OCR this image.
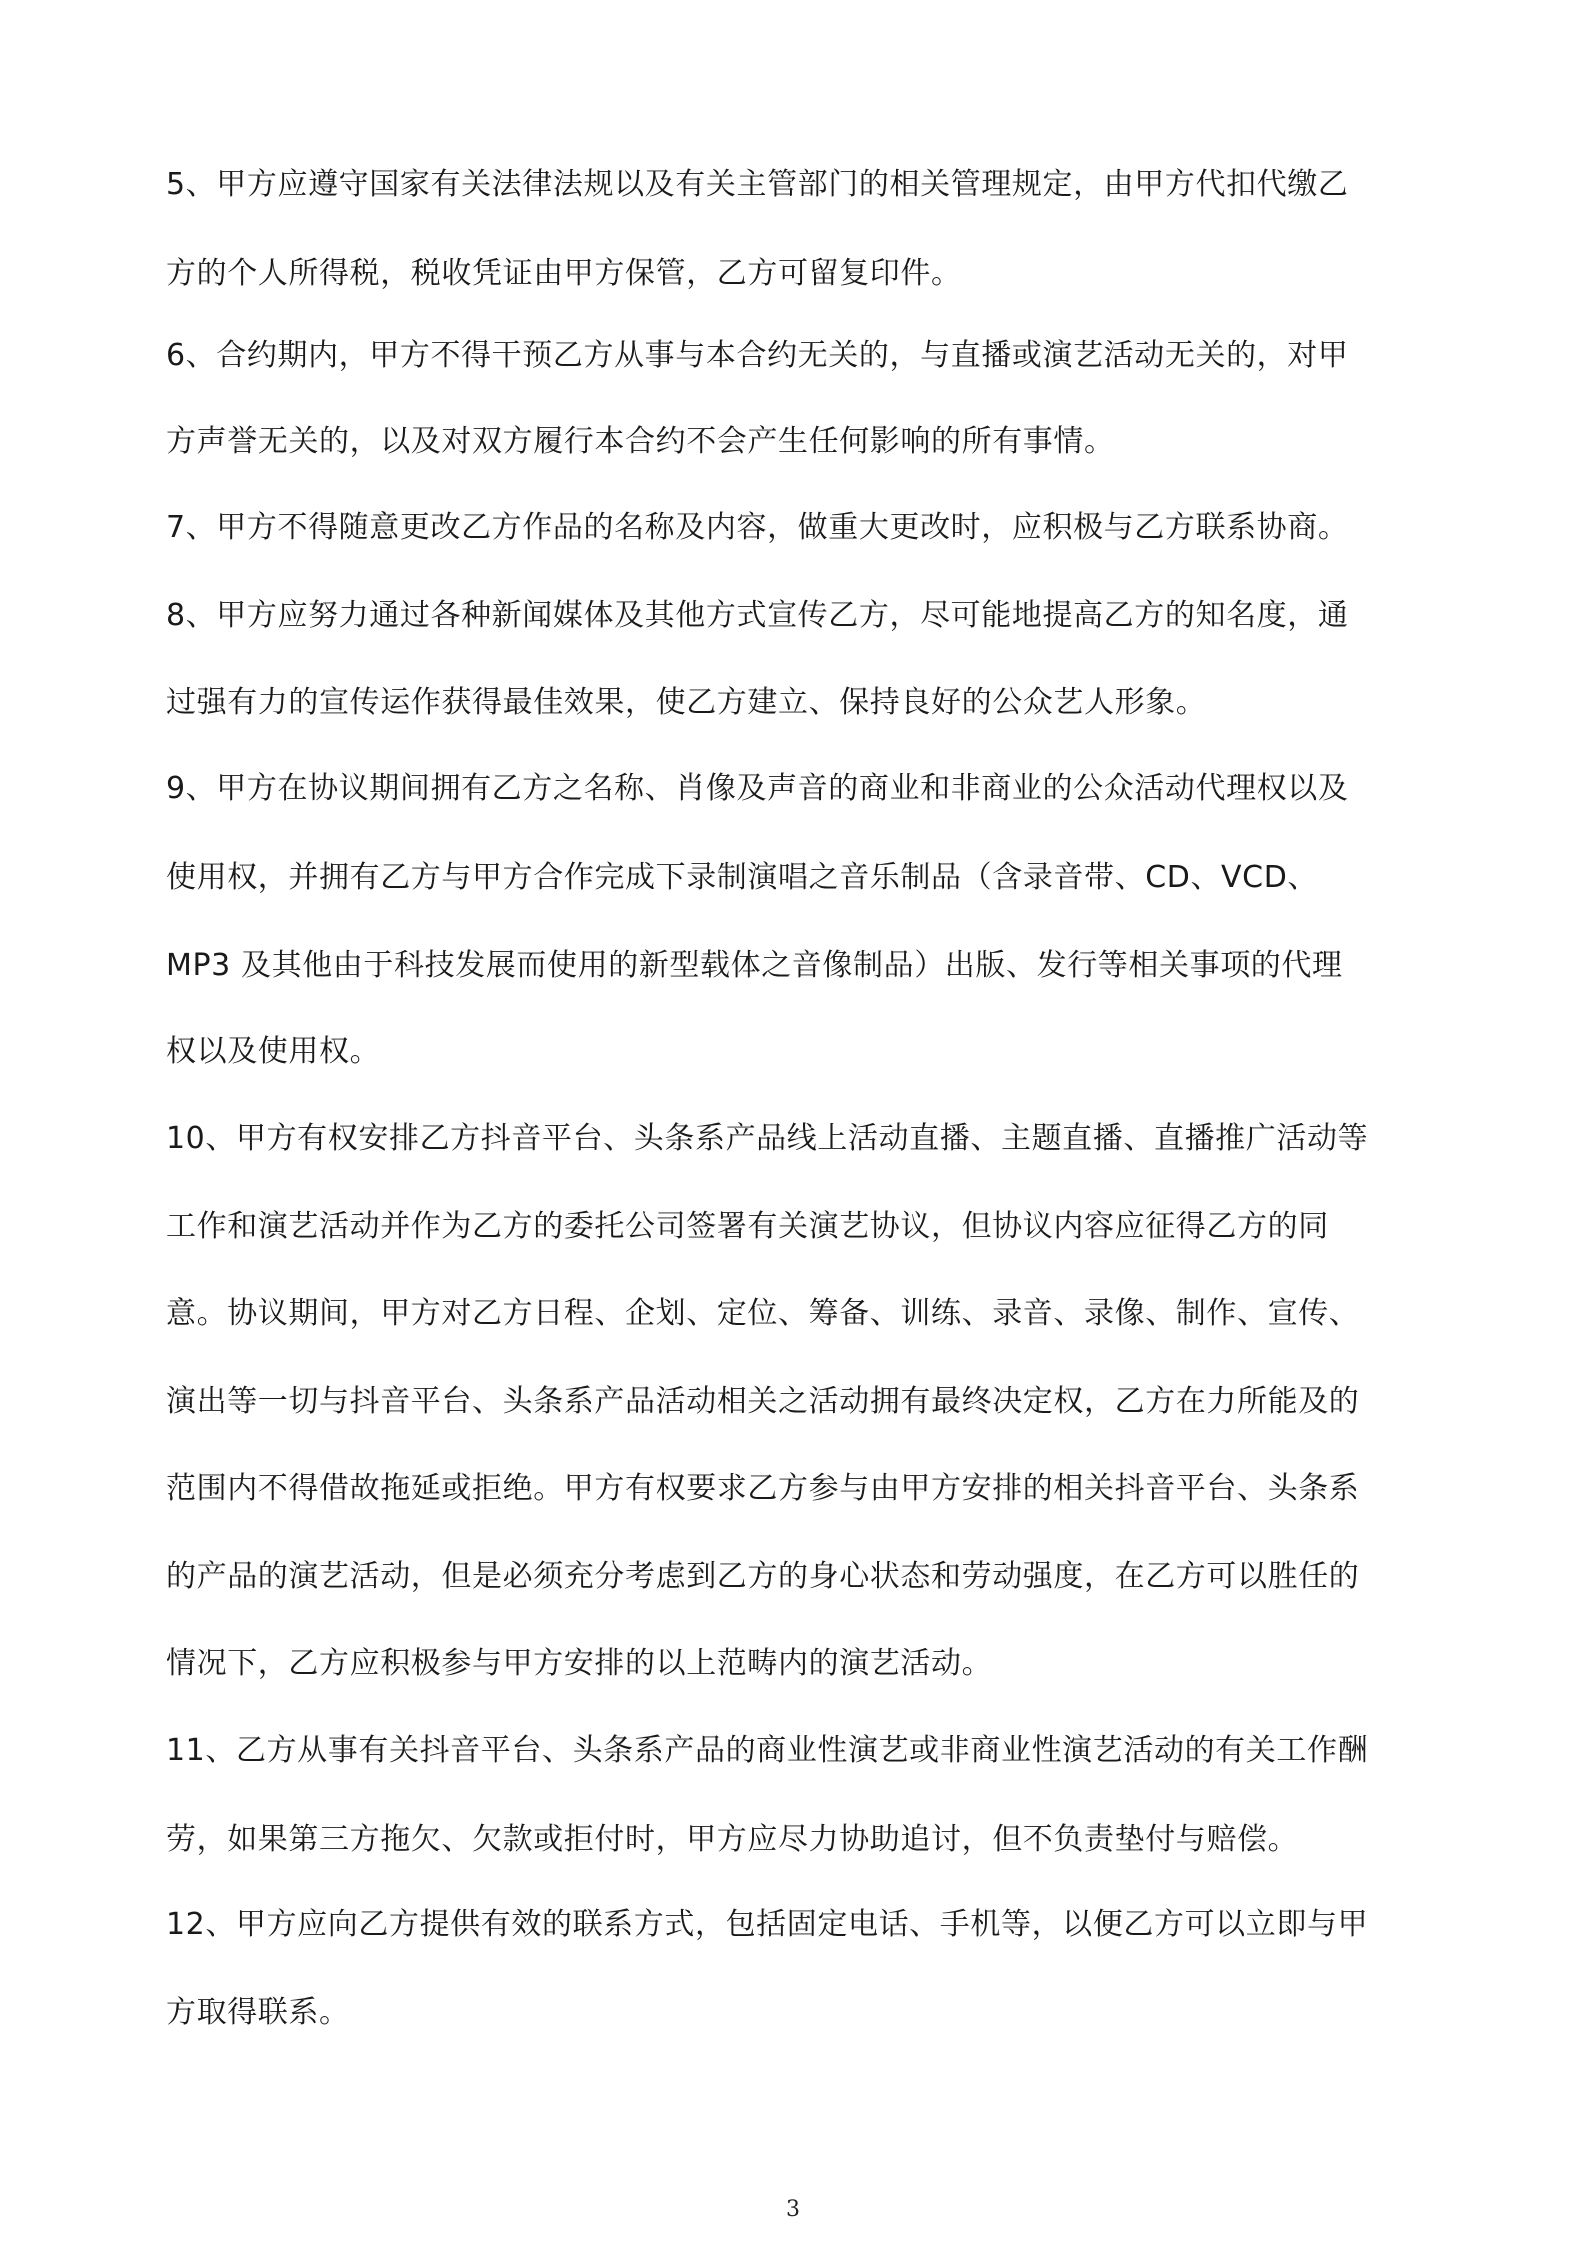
5、甲方应遵守国家有关法律法规以及有关主管部门的相关管理规定，由甲方代扣代缴乙
方的个人所得税，税收凭证由甲方保管，乙方可留复印件。
6、合约期内，甲方不得干预乙方从事与本合约无关的，与直播或演艺活动无关的，对甲
方声誉无关的，以及对双方履行本合约不会产生任何影响的所有事情。
7、甲方不得随意更改乙方作品的名称及内容，做重大更改时，应积极与乙方联系协商。
8、甲方应努力通过各种新闻媒体及其他方式宣传乙方，尽可能地提高乙方的知名度，通
过强有力的宣传运作获得最佳效果，使乙方建立、保持良好的公众艺人形象。
9、甲方在协议期间拥有乙方之名称、肖像及声音的商业和非商业的公众活动代理权以及
使用权，并拥有乙方与甲方合作完成下录制演唱之音乐制品（含录音带、CD、VCD、
MP3 及其他由于科技发展而使用的新型载体之音像制品）出版、发行等相关事项的代理
权以及使用权。
10、甲方有权安排乙方抖音平台、头条系产品线上活动直播、主题直播、直播推广活动等
工作和演艺活动并作为乙方的委托公司签署有关演艺协议，但协议内容应征得乙方的同
意。协议期间，甲方对乙方日程、企划、定位、筹备、训练、录音、录像、制作、宣传、
演出等一切与抖音平台、头条系产品活动相关之活动拥有最终决定权，乙方在力所能及的
范围内不得借故拖延或拒绝。甲方有权要求乙方参与由甲方安排的相关抖音平台、头条系
的产品的演艺活动，但是必须充分考虑到乙方的身心状态和劳动强度，在乙方可以胜任的
情况下，乙方应积极参与甲方安排的以上范畴内的演艺活动。
11、乙方从事有关抖音平台、头条系产品的商业性演艺或非商业性演艺活动的有关工作酬
劳，如果第三方拖欠、欠款或拒付时，甲方应尽力协助追讨，但不负责垫付与赔偿。
12、甲方应向乙方提供有效的联系方式，包括固定电话、手机等，以便乙方可以立即与甲
方取得联系。
3
